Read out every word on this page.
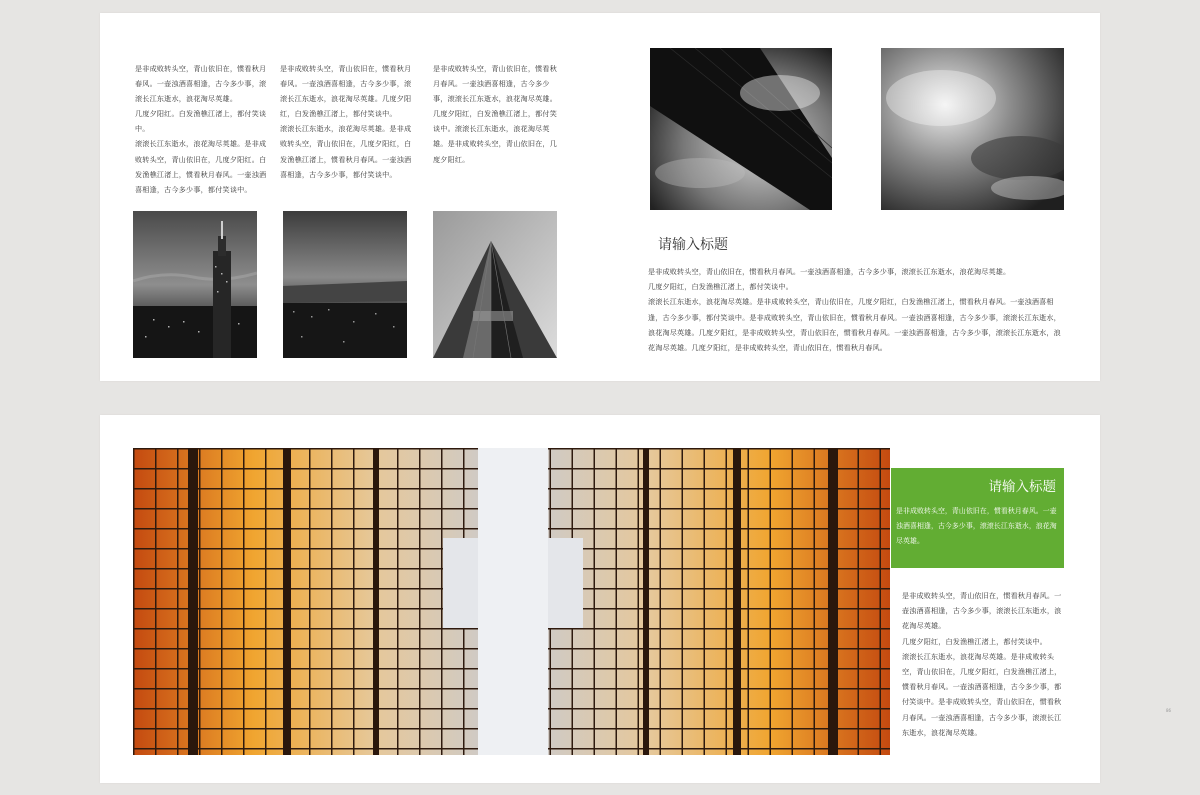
是非成败转头空，青山依旧在，惯看秋月春风。一壶浊酒喜相逢，古今多少事，滚滚长江东逝水，浪花淘尽英雄。
几度夕阳红。白发渔樵江渚上，都付笑谈中。
滚滚长江东逝水，浪花淘尽英雄。是非成败转头空，青山依旧在，几度夕阳红。白发渔樵江渚上，惯看秋月春风。一壶浊酒喜相逢，古今多少事，都付笑谈中。
是非成败转头空，青山依旧在，惯看秋月春风。一壶浊酒喜相逢，古今多少事，滚滚长江东逝水，浪花淘尽英雄。几度夕阳红，白发渔樵江渚上，都付笑谈中。
滚滚长江东逝水，浪花淘尽英雄。是非成败转头空，青山依旧在，几度夕阳红，白发渔樵江渚上，惯看秋月春风。一壶浊酒喜相逢，古今多少事，都付笑谈中。
是非成败转头空，青山依旧在，惯看秋月春风。一壶浊酒喜相逢，古今多少事，滚滚长江东逝水，浪花淘尽英雄。
几度夕阳红，白发渔樵江渚上，都付笑谈中。滚滚长江东逝水，浪花淘尽英雄。是非成败转头空，青山依旧在，几度夕阳红。
请输入标题
是非成败转头空，青山依旧在，惯看秋月春风。一壶浊酒喜相逢，古今多少事，滚滚长江东逝水，浪花淘尽英雄。
几度夕阳红，白发渔樵江渚上，都付笑谈中。
滚滚长江东逝水，浪花淘尽英雄。是非成败转头空，青山依旧在，几度夕阳红，白发渔樵江渚上，惯看秋月春风。一壶浊酒喜相逢，古今多少事，都付笑谈中。是非成败转头空，青山依旧在，惯看秋月春风。一壶浊酒喜相逢，古今多少事，滚滚长江东逝水，浪花淘尽英雄。几度夕阳红，是非成败转头空，青山依旧在，惯看秋月春风。一壶浊酒喜相逢，古今多少事，滚滚长江东逝水，浪花淘尽英雄。几度夕阳红，是非成败转头空，青山依旧在，惯看秋月春风。
请输入标题
是非成败转头空，青山依旧在，惯看秋月春风。一壶浊酒喜相逢，古今多少事，滚滚长江东逝水，浪花淘尽英雄。
是非成败转头空，青山依旧在，惯看秋月春风。一壶浊酒喜相逢，古今多少事，滚滚长江东逝水，浪花淘尽英雄。
几度夕阳红，白发渔樵江渚上，都付笑谈中。
滚滚长江东逝水，浪花淘尽英雄。是非成败转头空，青山依旧在，几度夕阳红，白发渔樵江渚上，惯看秋月春风。一壶浊酒喜相逢，古今多少事，都付笑谈中。是非成败转头空，青山依旧在，惯看秋月春风。一壶浊酒喜相逢，古今多少事，滚滚长江东逝水，浪花淘尽英雄。
86
